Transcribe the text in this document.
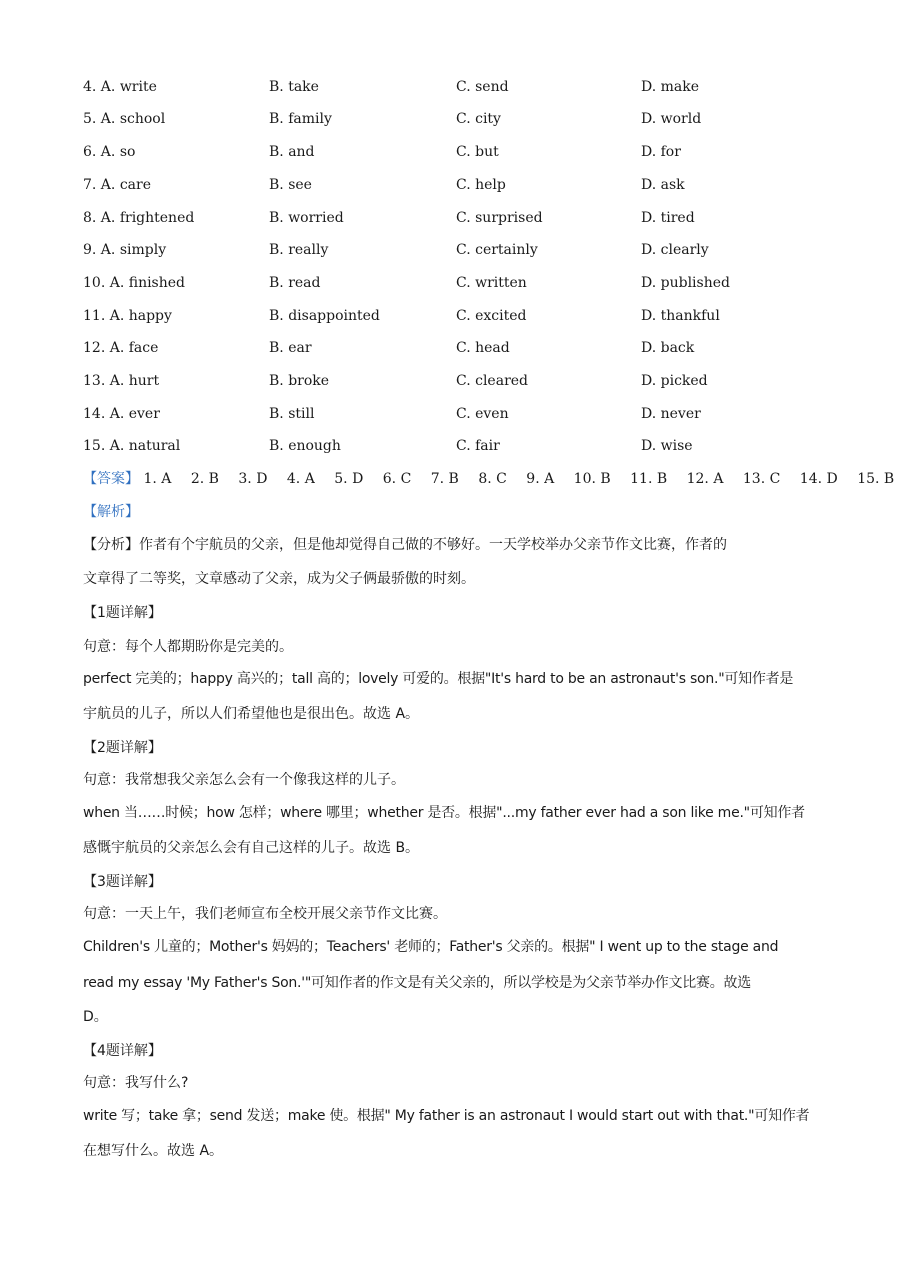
4. A. write	B. take	C. send	D. make
5. A. school	B. family	C. city	D. world
6. A. so	B. and	C. but	D. for
7. A. care	B. see	C. help	D. ask
8. A. frightened	B. worried	C. surprised	D. tired
9. A. simply	B. really	C. certainly	D. clearly
10. A. finished	B. read	C. written	D. published
11. A. happy	B. disappointed	C. excited	D. thankful
12. A. face	B. ear	C. head	D. back
13. A. hurt	B. broke	C. cleared	D. picked
14. A. ever	B. still	C. even	D. never
15. A. natural	B. enough	C. fair	D. wise
【答案】 1. A 2. B 3. D 4. A 5. D 6. C 7. B 8. C 9. A 10. B 11. B 12. A 13. C 14. D 15. B
【解析】
【分析】作者有个宇航员的父亲，但是他却觉得自己做的不够好。一天学校举办父亲节作文比赛，作者的
文章得了二等奖，文章感动了父亲，成为父子俩最骄傲的时刻。
【1题详解】
句意：每个人都期盼你是完美的。
perfect 完美的；happy 高兴的；tall 高的；lovely 可爱的。根据"It's hard to be an astronaut's son."可知作者是
宇航员的儿子，所以人们希望他也是很出色。故选 A。
【2题详解】
句意：我常想我父亲怎么会有一个像我这样的儿子。
when 当……时候；how 怎样；where 哪里；whether 是否。根据"...my father ever had a son like me."可知作者
感慨宇航员的父亲怎么会有自己这样的儿子。故选 B。
【3题详解】
句意：一天上午，我们老师宣布全校开展父亲节作文比赛。
Children's 儿童的；Mother's 妈妈的；Teachers' 老师的；Father's 父亲的。根据" I went up to the stage and
read my essay 'My Father's Son.'"可知作者的作文是有关父亲的，所以学校是为父亲节举办作文比赛。故选
D。
【4题详解】
句意：我写什么?
write 写；take 拿；send 发送；make 使。根据" My father is an astronaut I would start out with that."可知作者
在想写什么。故选 A。
